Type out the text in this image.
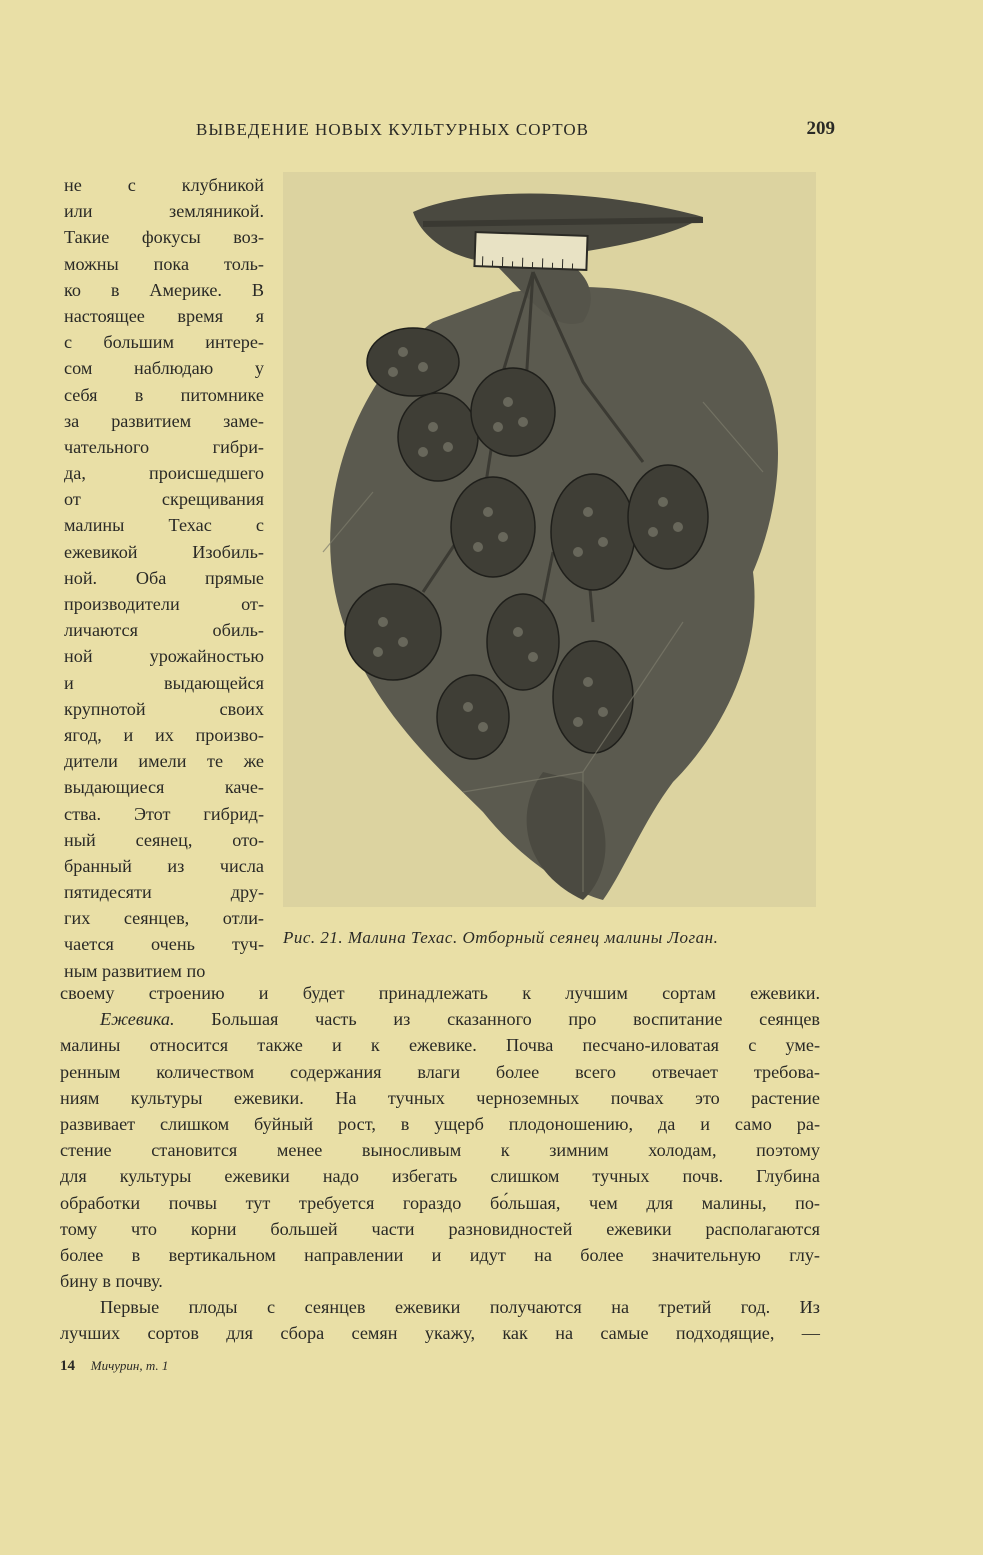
ВЫВЕДЕНИЕ НОВЫХ КУЛЬТУРНЫХ СОРТОВ	209
не с клубникой
или земляникой.
Такие фокусы воз-
можны пока толь-
ко в Америке. В
настоящее время я
с большим интере-
сом наблюдаю у
себя в питомнике
за развитием заме-
чательного гибри-
да, происшедшего
от скрещивания
малины Техас с
ежевикой Изобиль-
ной. Оба прямые
производители от-
личаются обиль-
ной урожайностью
и выдающейся
крупнотой своих
ягод, и их произво-
дители имели те же
выдающиеся каче-
ства. Этот гибрид-
ный сеянец, ото-
бранный из числа
пятидесяти дру-
гих сеянцев, отли-
чается очень туч-
ным развитием по
Рис. 21. Малина Техас. Отборный сеянец малины Логан.
своему строению и будет принадлежать к лучшим сортам ежевики.
Ежевика. Большая часть из сказанного про воспитание сеянцев
малины относится также и к ежевике. Почва песчано-иловатая с уме-
ренным количеством содержания влаги более всего отвечает требова-
ниям культуры ежевики. На тучных черноземных почвах это растение
развивает слишком буйный рост, в ущерб плодоношению, да и само ра-
стение становится менее выносливым к зимним холодам, поэтому
для культуры ежевики надо избегать слишком тучных почв. Глубина
обработки почвы тут требуется гораздо бо́льшая, чем для малины, по-
тому что корни большей части разновидностей ежевики располагаются
более в вертикальном направлении и идут на более значительную глу-
бину в почву.
Первые плоды с сеянцев ежевики получаются на третий год. Из
лучших сортов для сбора семян укажу, как на самые подходящие, —
14 Мичурин, т. 1
